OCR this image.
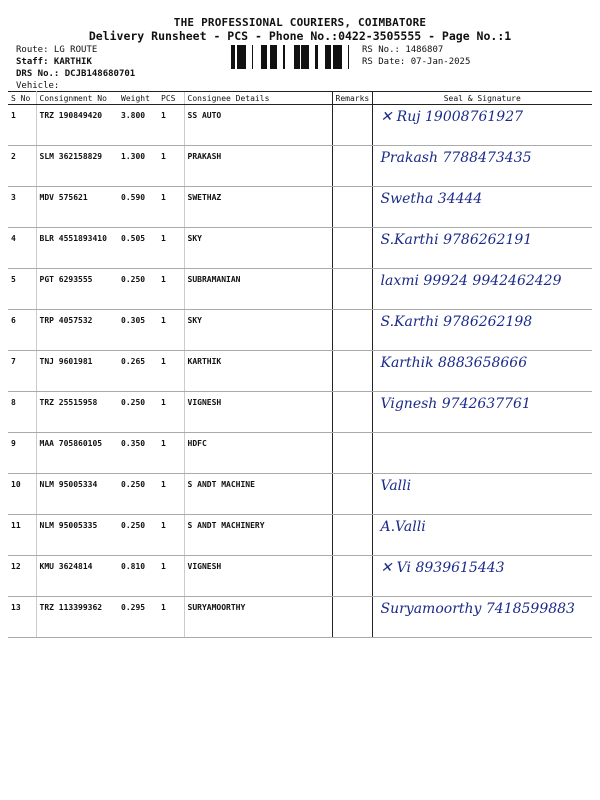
THE PROFESSIONAL COURIERS, COIMBATORE
Delivery Runsheet - PCS - Phone No.:0422-3505555 - Page No.:1
Route: LG ROUTE
Staff: KARTHIK
DRS No.: DCJB148680701
Vehicle:
RS No.: 1486807
RS Date: 07-Jan-2025
S No	Consignment No	Weight	PCS	Consignee Details	Remarks	Seal & Signature
1	TRZ 190849420	3.800	1	SS AUTO		✕ Ruj 19008761927

2	SLM 362158829	1.300	1	PRAKASH		Prakash 7788473435

3	MDV 575621	0.590	1	SWETHAZ		Swetha 34444

4	BLR 4551893410	0.505	1	SKY		S.Karthi 9786262191

5	PGT 6293555	0.250	1	SUBRAMANIAN		laxmi 99924 9942462429

6	TRP 4057532	0.305	1	SKY		S.Karthi 9786262198

7	TNJ 9601981	0.265	1	KARTHIK		Karthik 8883658666

8	TRZ 25515958	0.250	1	VIGNESH		Vignesh 9742637761

9	MAA 705860105	0.350	1	HDFC		

10	NLM 95005334	0.250	1	S ANDT MACHINE		Valli

11	NLM 95005335	0.250	1	S ANDT MACHINERY		A.Valli

12	KMU 3624814	0.810	1	VIGNESH		✕ Vi 8939615443

13	TRZ 113399362	0.295	1	SURYAMOORTHY		Suryamoorthy 7418599883
